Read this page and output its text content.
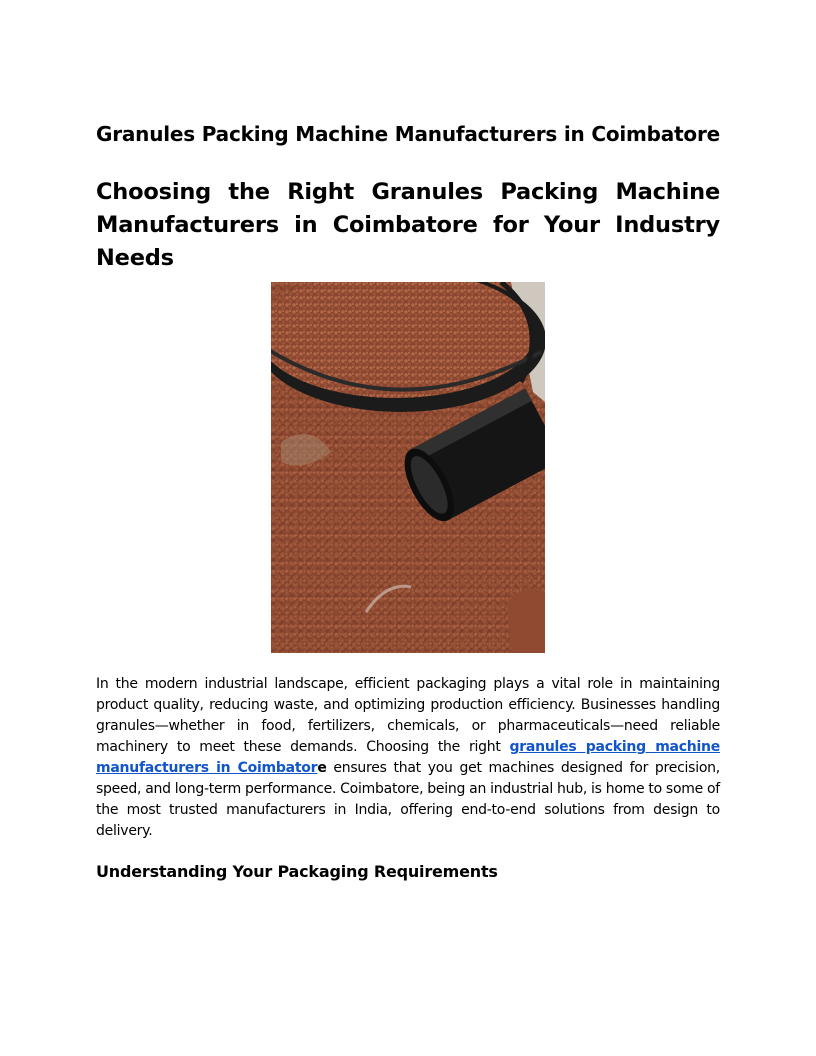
Granules Packing Machine Manufacturers in Coimbatore
Choosing the Right Granules Packing Machine Manufacturers in Coimbatore for Your Industry Needs

In the modern industrial landscape, efficient packaging plays a vital role in maintaining product quality, reducing waste, and optimizing production efficiency. Businesses handling granules—whether in food, fertilizers, chemicals, or pharmaceuticals—need reliable machinery to meet these demands. Choosing the right granules packing machine manufacturers in Coimbatore ensures that you get machines designed for precision, speed, and long-term performance. Coimbatore, being an industrial hub, is home to some of the most trusted manufacturers in India, offering end-to-end solutions from design to delivery.

Understanding Your Packaging Requirements
